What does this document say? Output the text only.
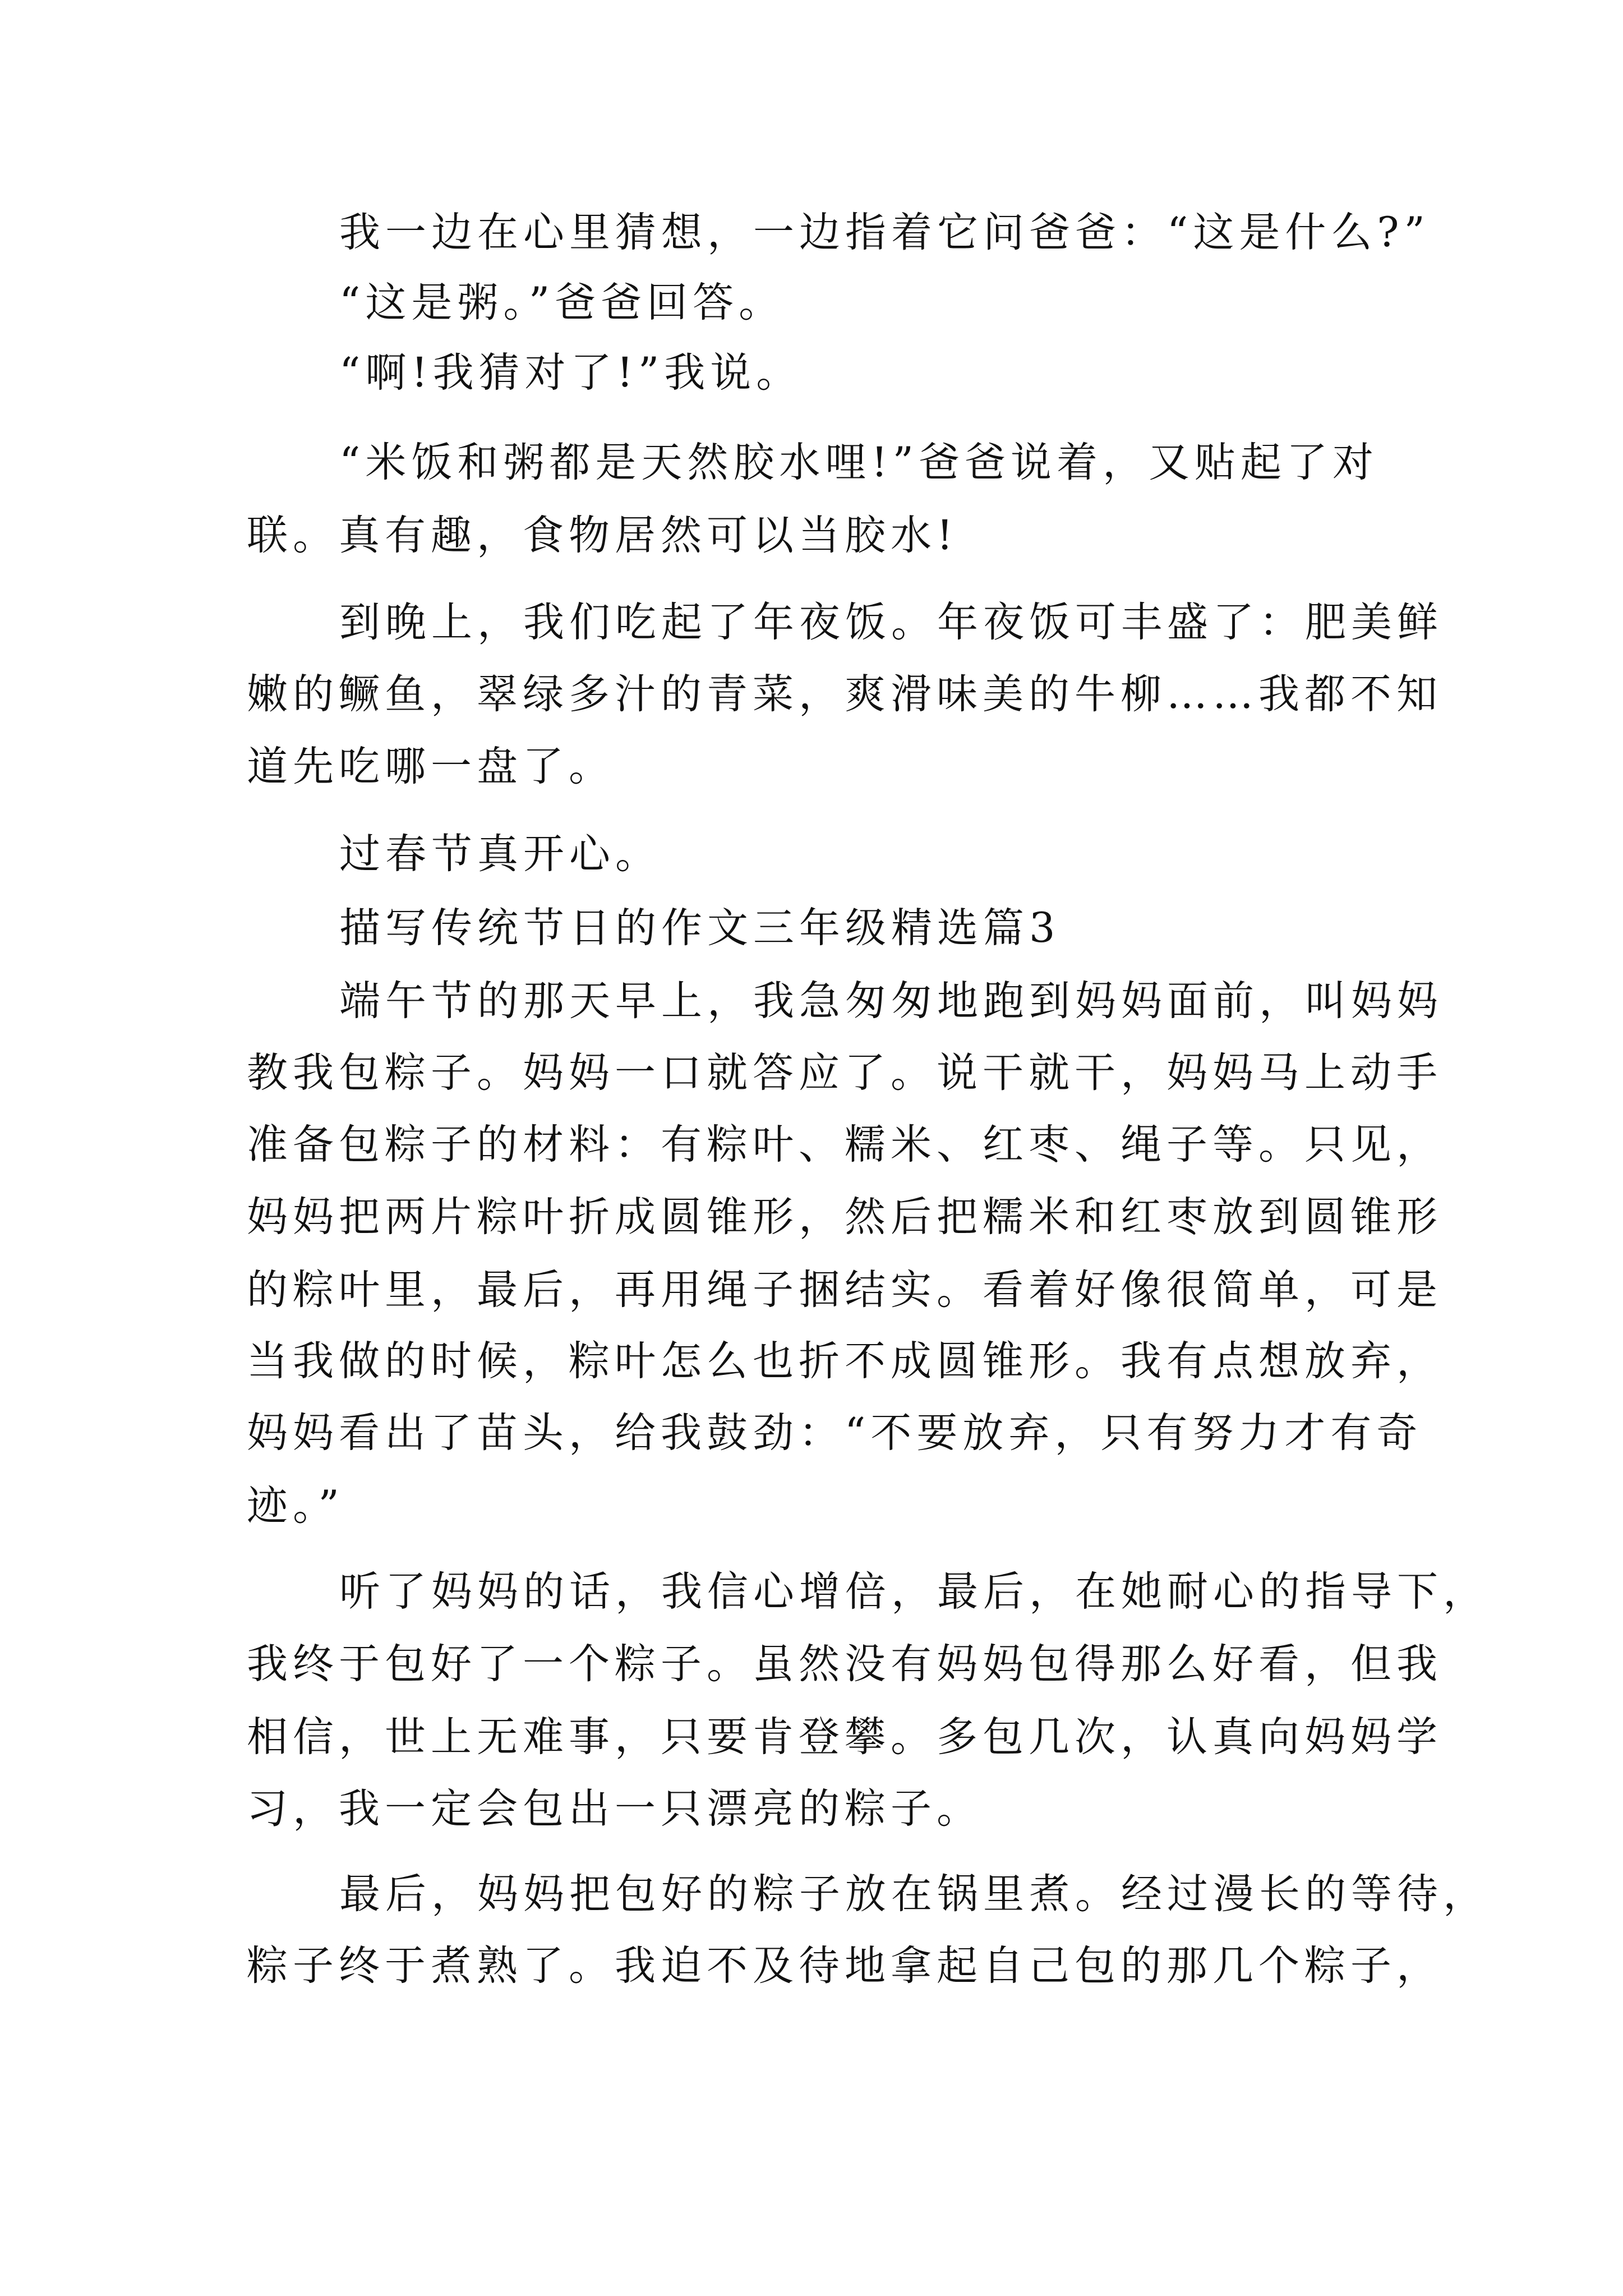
我一边在心里猜想，一边指着它问爸爸：“这是什么?”
“这是粥。”爸爸回答。
“啊!我猜对了!”我说。
“米饭和粥都是天然胶水哩!”爸爸说着，又贴起了对
联。真有趣，食物居然可以当胶水!
到晚上，我们吃起了年夜饭。年夜饭可丰盛了：肥美鲜
嫩的鳜鱼，翠绿多汁的青菜，爽滑味美的牛柳……我都不知
道先吃哪一盘了。
过春节真开心。
描写传统节日的作文三年级精选篇3
端午节的那天早上，我急匆匆地跑到妈妈面前，叫妈妈
教我包粽子。妈妈一口就答应了。说干就干，妈妈马上动手
准备包粽子的材料：有粽叶、糯米、红枣、绳子等。只见，
妈妈把两片粽叶折成圆锥形，然后把糯米和红枣放到圆锥形
的粽叶里，最后，再用绳子捆结实。看着好像很简单，可是
当我做的时候，粽叶怎么也折不成圆锥形。我有点想放弃，
妈妈看出了苗头，给我鼓劲：“不要放弃，只有努力才有奇
迹。”
听了妈妈的话，我信心增倍，最后，在她耐心的指导下，
我终于包好了一个粽子。虽然没有妈妈包得那么好看，但我
相信，世上无难事，只要肯登攀。多包几次，认真向妈妈学
习，我一定会包出一只漂亮的粽子。
最后，妈妈把包好的粽子放在锅里煮。经过漫长的等待，
粽子终于煮熟了。我迫不及待地拿起自己包的那几个粽子，
